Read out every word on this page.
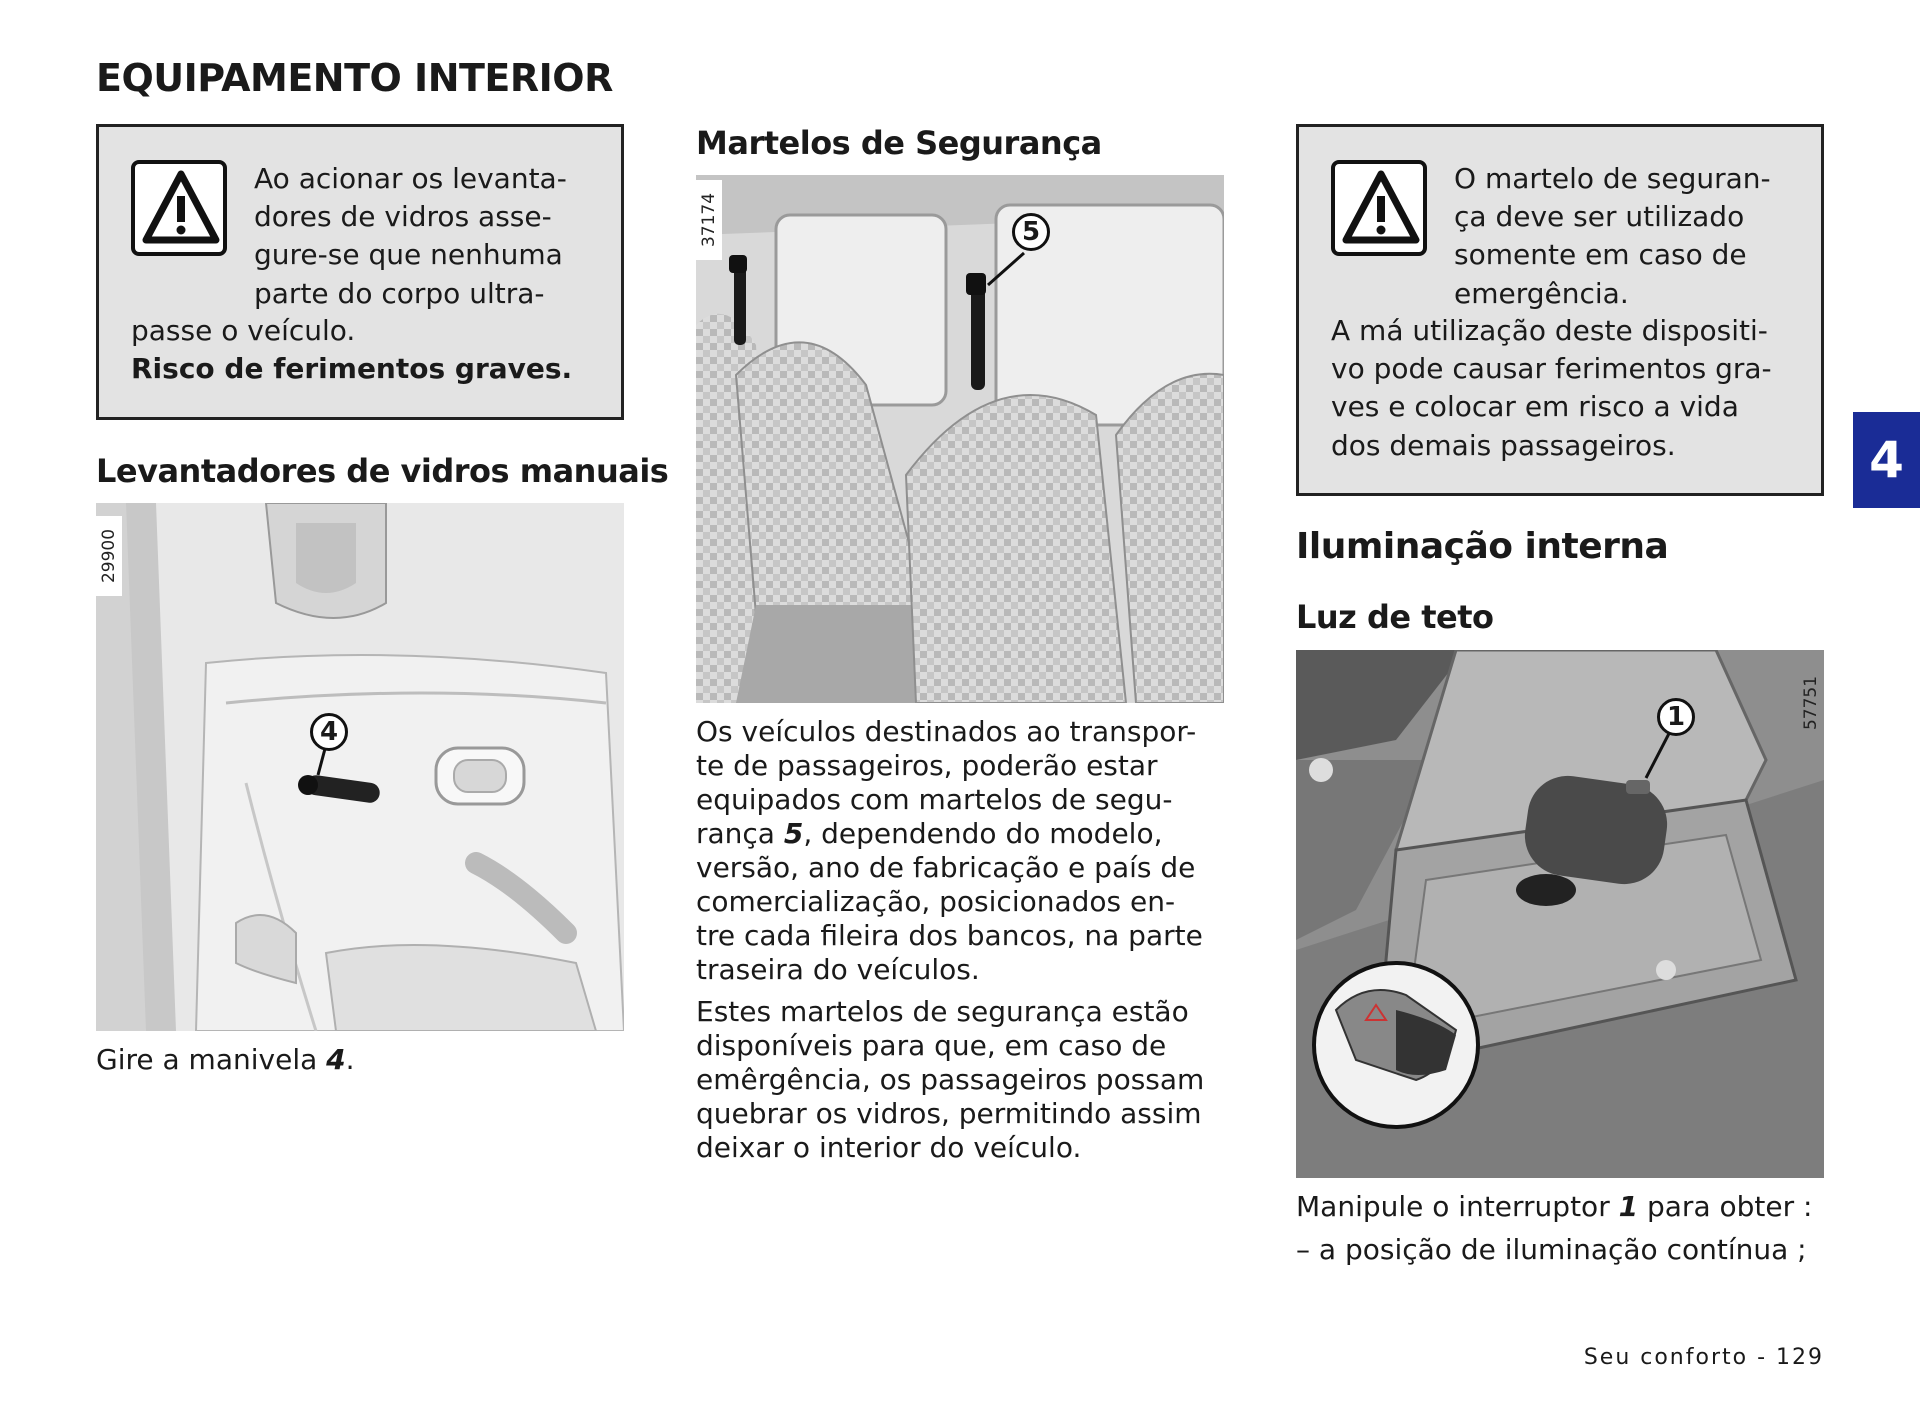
EQUIPAMENTO INTERIOR
Ao acionar os levanta-
dores de vidros asse-
gure-se que nenhuma
parte do corpo ultra-
passe o veículo.
Risco de ferimentos graves.
Levantadores de vidros manuais
4
29900
Gire a manivela 4.
Martelos de Segurança
5
37174
Os veículos destinados ao transpor-
te de passageiros, poderão estar
equipados com martelos de segu-
rança 5, dependendo do modelo,
versão, ano de fabricação e país de
comercialização, posicionados en-
tre cada fileira dos bancos, na parte
traseira do veículos.
Estes martelos de segurança estão
disponíveis para que, em caso de
emêrgência, os passageiros possam
quebrar os vidros, permitindo assim
deixar o interior do veículo.
O martelo de seguran-
ça deve ser utilizado
somente em caso de
emergência.
A má utilização deste dispositi-
vo pode causar ferimentos gra-
ves e colocar em risco a vida
dos demais passageiros.
Iluminação interna
Luz de teto
1	57751
Manipule o interruptor 1 para obter :
– a posição de iluminação contínua ;
4
Seu conforto - 129
